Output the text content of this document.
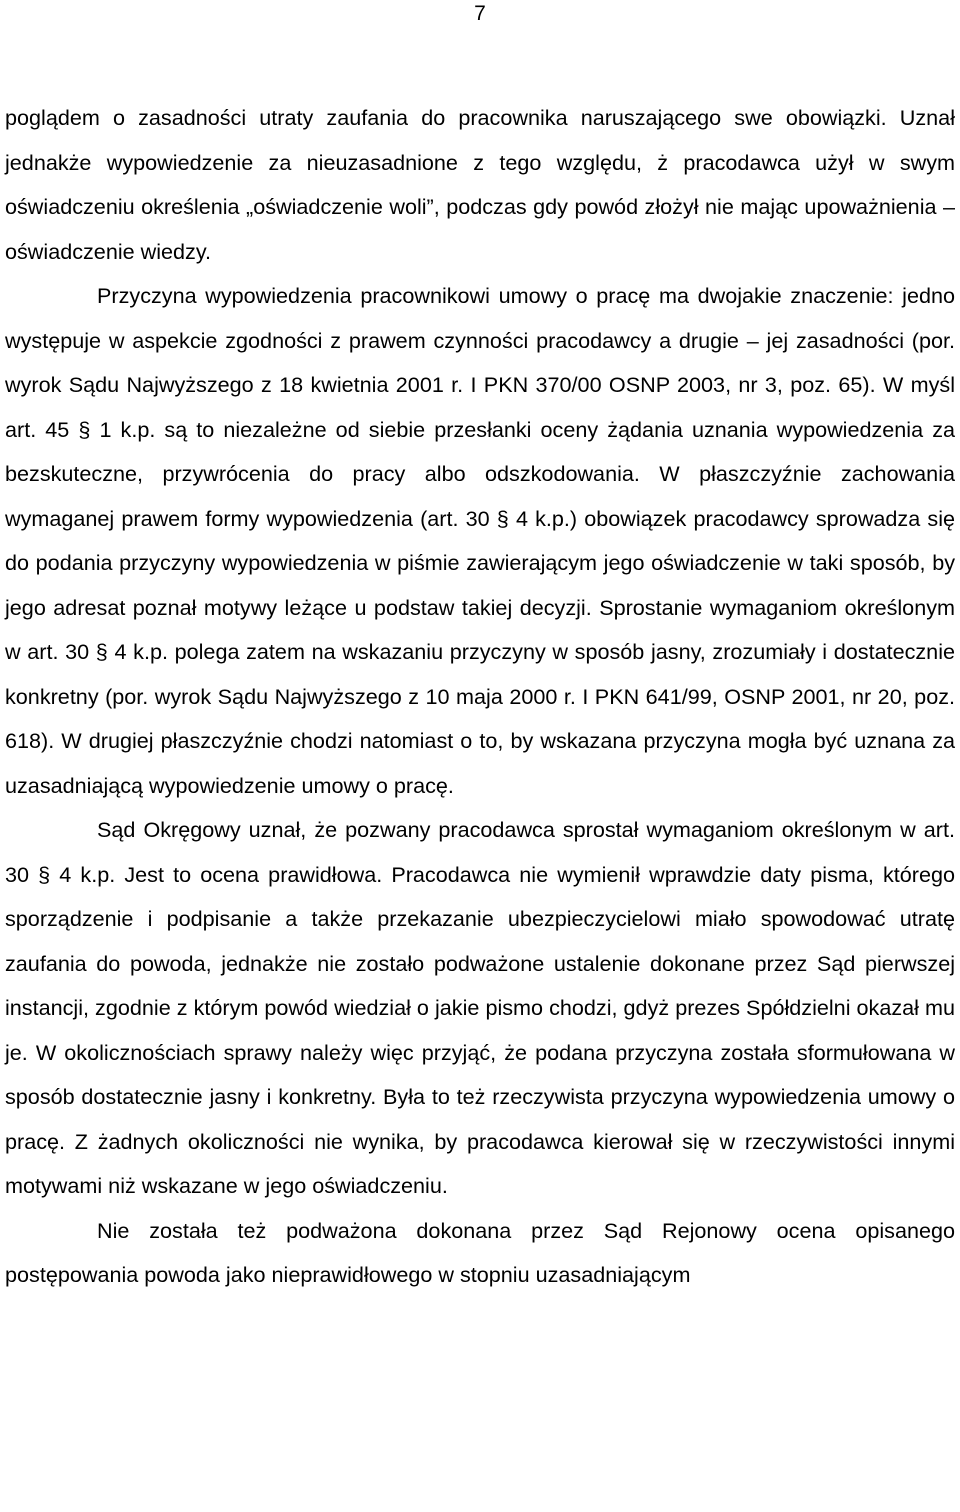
7

poglądem o zasadności utraty zaufania do pracownika naruszającego swe obowiązki. Uznał jednakże wypowiedzenie za nieuzasadnione z tego względu, ż pracodawca użył w swym oświadczeniu określenia „oświadczenie woli”, podczas gdy powód złożył nie mając upoważnienia – oświadczenie wiedzy.

Przyczyna wypowiedzenia pracownikowi umowy o pracę ma dwojakie znaczenie: jedno występuje w aspekcie zgodności z prawem czynności pracodawcy a drugie – jej zasadności (por. wyrok Sądu Najwyższego z 18 kwietnia 2001 r. I PKN 370/00 OSNP 2003, nr 3, poz. 65). W myśl art. 45 § 1 k.p. są to niezależne od siebie przesłanki oceny żądania uznania wypowiedzenia za bezskuteczne, przywrócenia do pracy albo odszkodowania. W płaszczyźnie zachowania wymaganej prawem formy wypowiedzenia (art. 30 § 4 k.p.) obowiązek pracodawcy sprowadza się do podania przyczyny wypowiedzenia w piśmie zawierającym jego oświadczenie w taki sposób, by jego adresat poznał motywy leżące u podstaw takiej decyzji. Sprostanie wymaganiom określonym w art. 30 § 4 k.p. polega zatem na wskazaniu przyczyny w sposób jasny, zrozumiały i dostatecznie konkretny (por. wyrok Sądu Najwyższego z 10 maja 2000 r. I PKN 641/99, OSNP 2001, nr 20, poz. 618). W drugiej płaszczyźnie chodzi natomiast o to, by wskazana przyczyna mogła być uznana za uzasadniającą wypowiedzenie umowy o pracę.

Sąd Okręgowy uznał, że pozwany pracodawca sprostał wymaganiom określonym w art. 30 § 4 k.p. Jest to ocena prawidłowa. Pracodawca nie wymienił wprawdzie daty pisma, którego sporządzenie i podpisanie a także przekazanie ubezpieczycielowi miało spowodować utratę zaufania do powoda, jednakże nie zostało podważone ustalenie dokonane przez Sąd pierwszej instancji, zgodnie z którym powód wiedział o jakie pismo chodzi, gdyż prezes Spółdzielni okazał mu je. W okolicznościach sprawy należy więc przyjąć, że podana przyczyna została sformułowana w sposób dostatecznie jasny i konkretny. Była to też rzeczywista przyczyna wypowiedzenia umowy o pracę. Z żadnych okoliczności nie wynika, by pracodawca kierował się w rzeczywistości innymi motywami niż wskazane w jego oświadczeniu.

Nie została też podważona dokonana przez Sąd Rejonowy ocena opisanego postępowania powoda jako nieprawidłowego w stopniu uzasadniającym
